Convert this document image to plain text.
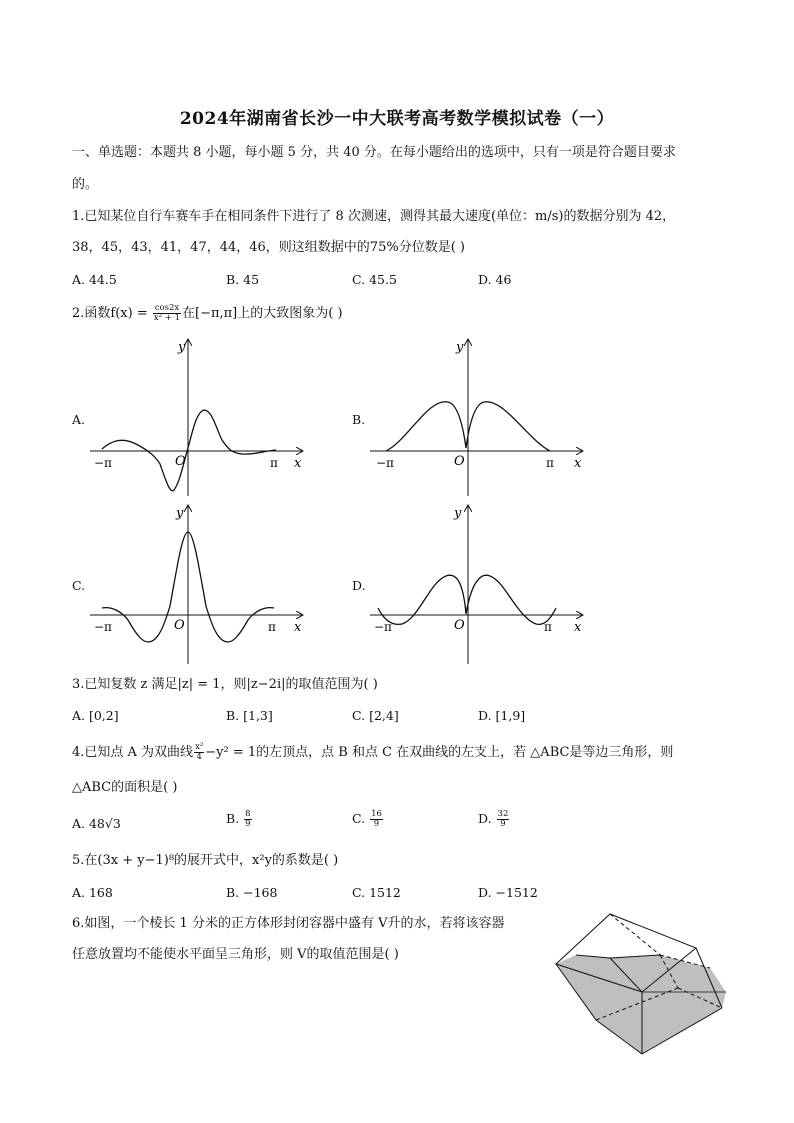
2024年湖南省长沙一中大联考高考数学模拟试卷（一）
一、单选题：本题共 8 小题，每小题 5 分，共 40 分。在每小题给出的选项中，只有一项是符合题目要求
的。
1.已知某位自行车赛车手在相同条件下进行了 8 次测速，测得其最大速度(单位：m/s)的数据分别为 42，
38，45，43，41，47，44，46，则这组数据中的75%分位数是( )
A. 44.5	B. 45	C. 45.5	D. 46
2.函数$f(x) = \frac{\cos 2x}{\text{x² + 1}}$ 在[−π,π]上的大致图象为( )
A.	B.
C.	D.
y
x
O
−π	π
y
x
O
−π	π
y
x
O
−π	π
y
x
O
−π	π
3.已知复数 z 满足|z| = 1，则|z−2i|的取值范围为( )
A. [0,2]	B. [1,3]	C. [2,4]	D. [1,9]
4.已知点 A 为双曲线 $\frac{\text{x²}}{4} -y^2 = 1$的左顶点，点 B 和点 C 在双曲线的左支上，若 △ABC是等边三角形，则
△ABC的面积是( )
A. 48√3	B. $\frac{8}{9}$	C. $\frac{16}{9}$	D. $\frac{32}{9}$
5.在(3x + y−1)⁸的展开式中，x²y的系数是( )
A. 168	B. −168	C. 1512	D. −1512
6.如图，一个棱长 1 分米的正方体形封闭容器中盛有 V升的水，若将该容器
任意放置均不能使水平面呈三角形，则 V的取值范围是( )
